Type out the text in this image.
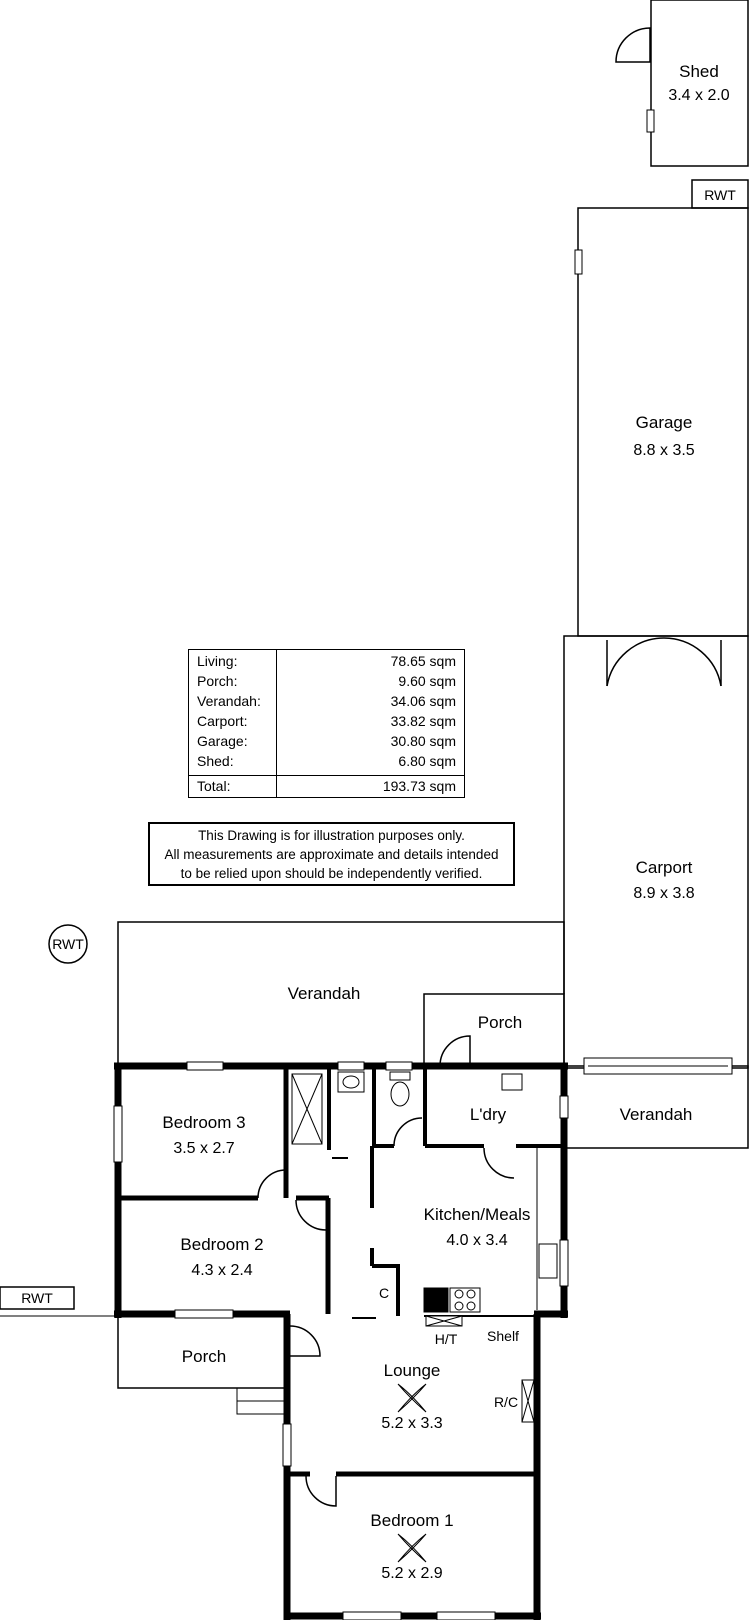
Shed
3.4 x 2.0
RWT
Garage
8.8 x 3.5
Carport
8.9 x 3.8
RWT
Verandah
Porch
Verandah
Bedroom 3
3.5 x 2.7
Bedroom 2
4.3 x 2.4
L'dry
Kitchen/Meals
4.0 x 3.4
C
H/T Shelf
R/C
Lounge
5.2 x 3.3
Bedroom 1
5.2 x 2.9
Porch
RWT
Living:	78.65 sqm
Porch:	9.60 sqm
Verandah:	34.06 sqm
Carport:	33.82 sqm
Garage:	30.80 sqm
Shed:	6.80 sqm
Total:	193.73 sqm
This Drawing is for illustration purposes only.
All measurements are approximate and details intended
to be relied upon should be independently verified.
